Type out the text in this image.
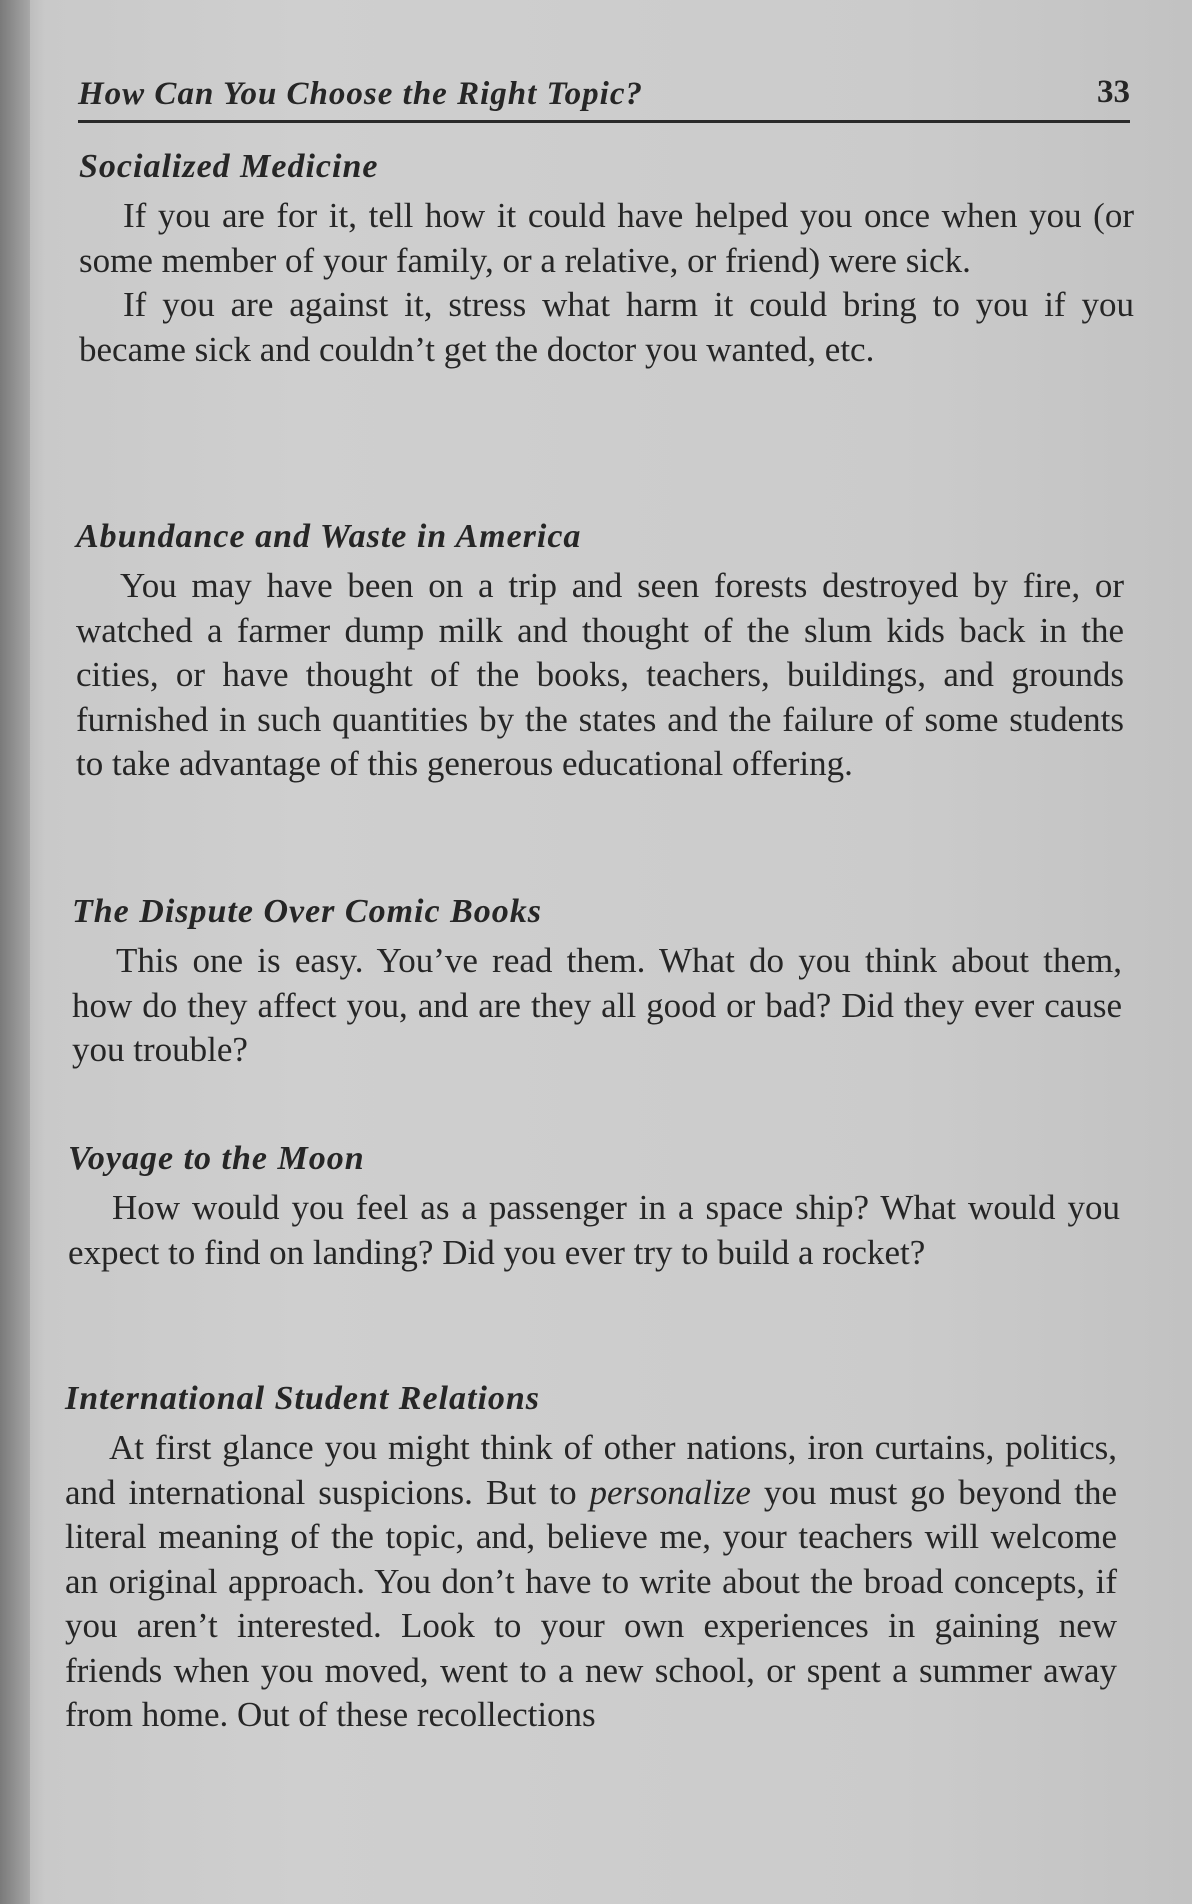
How Can You Choose the Right Topic?	33
Socialized Medicine

If you are for it, tell how it could have helped you once when you (or some member of your family, or a relative, or friend) were sick.

If you are against it, stress what harm it could bring to you if you became sick and couldn’t get the doctor you wanted, etc.

Abundance and Waste in America

You may have been on a trip and seen forests destroyed by fire, or watched a farmer dump milk and thought of the slum kids back in the cities, or have thought of the books, teachers, buildings, and grounds furnished in such quantities by the states and the failure of some students to take advantage of this generous educational offering.

The Dispute Over Comic Books

This one is easy. You’ve read them. What do you think about them, how do they affect you, and are they all good or bad? Did they ever cause you trouble?

Voyage to the Moon

How would you feel as a passenger in a space ship? What would you expect to find on landing? Did you ever try to build a rocket?

International Student Relations

At first glance you might think of other nations, iron curtains, politics, and international suspicions. But to personalize you must go beyond the literal meaning of the topic, and, believe me, your teachers will welcome an original approach. You don’t have to write about the broad concepts, if you aren’t interested. Look to your own experiences in gaining new friends when you moved, went to a new school, or spent a summer away from home. Out of these recollections
